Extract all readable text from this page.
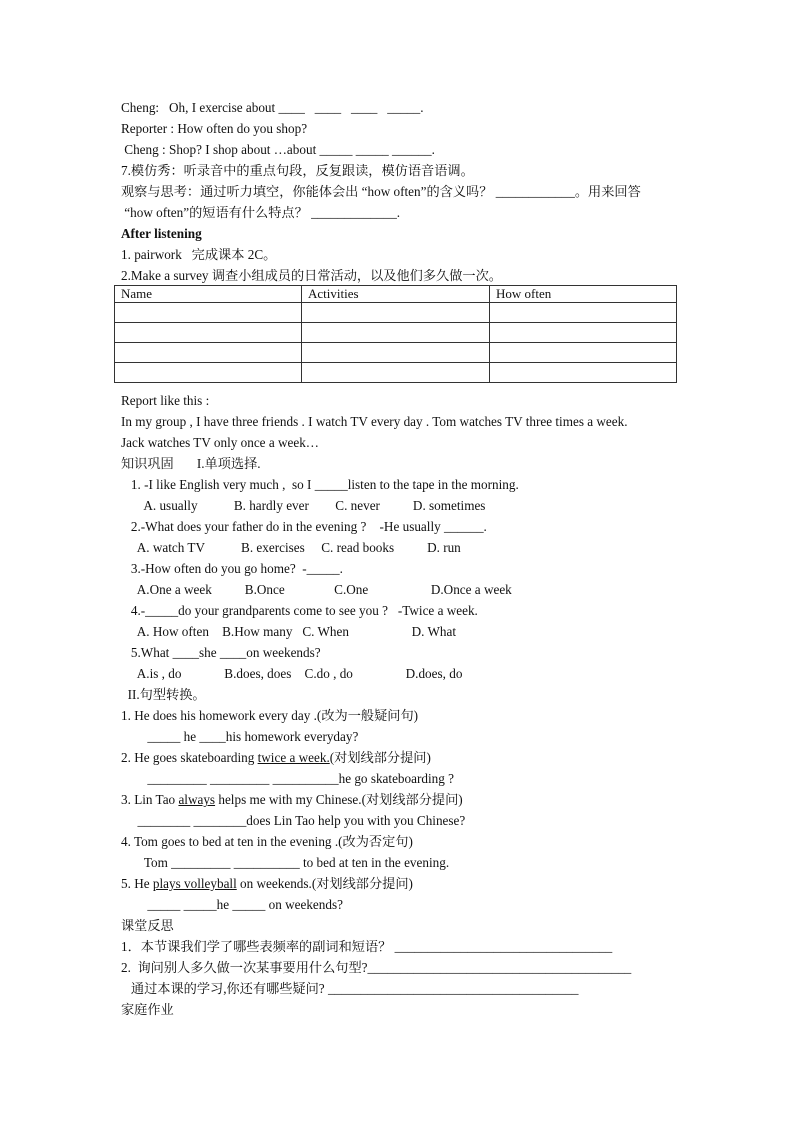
Cheng:   Oh, I exercise about ____   ____   ____   _____.
Reporter : How often do you shop?
Cheng : Shop? I shop about …about _____ _____ ______.
7.模仿秀：听录音中的重点句段，反复跟读，模仿语音语调。
观察与思考：通过听力填空，你能体会出 “how often”的含义吗？ ____________。用来回答
“how often”的短语有什么特点？ _____________.
After listening
1. pairwork   完成课本 2C。
2.Make a survey 调查小组成员的日常活动，以及他们多久做一次。
Name	Activities	How often

Report like this :
In my group , I have three friends . I watch TV every day . Tom watches TV three times a week.
Jack watches TV only once a week…
知识巩固       I.单项选择.
1. -I like English very much ,  so I _____listen to the tape in the morning.
A. usually           B. hardly ever        C. never          D. sometimes
2.-What does your father do in the evening ?    -He usually ______.
A. watch TV           B. exercises     C. read books          D. run
3.-How often do you go home?  -_____.
A.One a week          B.Once               C.One                   D.Once a week
4.-_____do your grandparents come to see you ?   -Twice a week.
A. How often    B.How many   C. When                   D. What
5.What ____she ____on weekends?
A.is , do             B.does, does    C.do , do                D.does, do
II.句型转换。
1. He does his homework every day .(改为一般疑问句)
_____ he ____his homework everyday?
2. He goes skateboarding twice a week.(对划线部分提问)
_________ _________ __________he go skateboarding ?
3. Lin Tao always helps me with my Chinese.(对划线部分提问)
________ ________does Lin Tao help you with you Chinese?
4. Tom goes to bed at ten in the evening .(改为否定句)
Tom _________ __________ to bed at ten in the evening.
5. He plays volleyball on weekends.(对划线部分提问)
_____ _____he _____ on weekends?
课堂反思
1．本节课我们学了哪些表频率的副词和短语？ _________________________________
2.  询问别人多久做一次某事要用什么句型?________________________________________
通过本课的学习,你还有哪些疑问? ______________________________________
家庭作业
